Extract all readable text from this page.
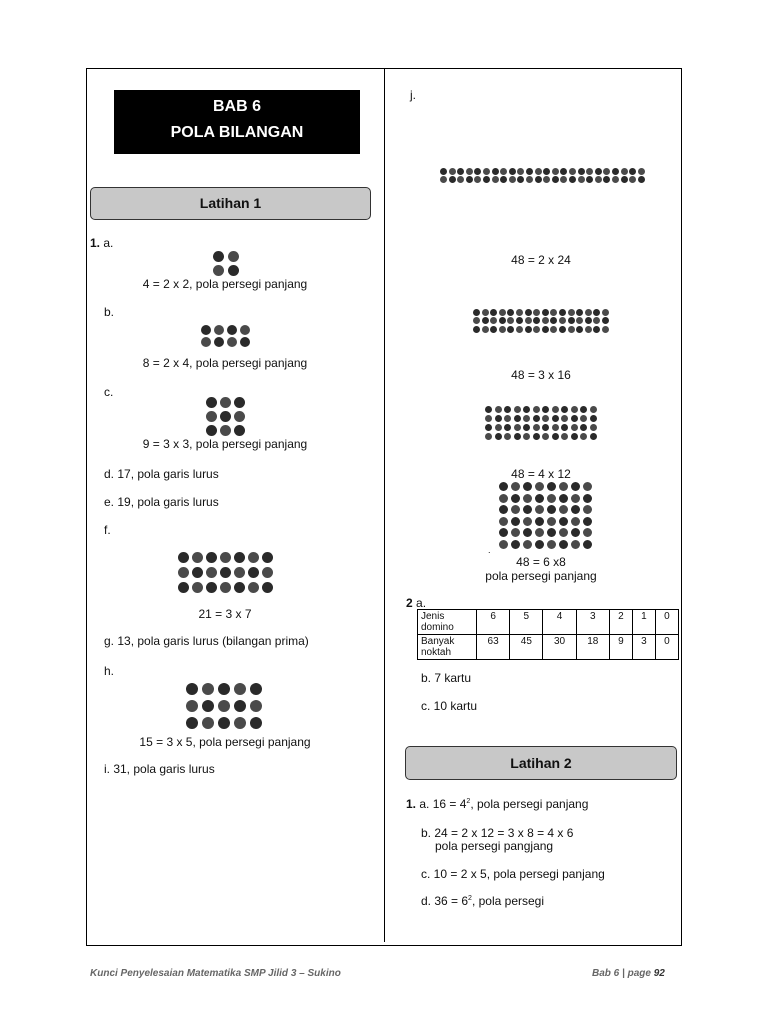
BAB 6
POLA BILANGAN
Latihan 1
1. a.
4 = 2 x 2, pola persegi panjang
b.
8 = 2 x 4, pola persegi panjang
c.
9 = 3 x 3, pola persegi panjang
d. 17, pola garis lurus
e. 19, pola garis lurus
f.
21 = 3 x 7
g. 13, pola garis lurus (bilangan prima)
h.
15 = 3 x 5, pola persegi panjang
i. 31, pola garis lurus
j.
48 = 2 x 24
48 = 3 x 16
48 = 4 x 12
.
48 = 6 x8
pola persegi panjang
2 a.
Jenis domino	6	5	4	3	2	1	0
Banyak noktah	63	45	30	18	9	3	0
b. 7 kartu
c. 10 kartu
Latihan 2
1. a. $16 = 4^2$, pola persegi panjang
b. 24 = 2 x 12 = 3 x 8 = 4 x 6
pola persegi pangjang
c. 10 = 2 x 5, pola persegi panjang
d. $36 = 6^2$, pola persegi
Kunci Penyelesaian Matematika SMP Jilid 3 – Sukino	Bab 6 | page 92
